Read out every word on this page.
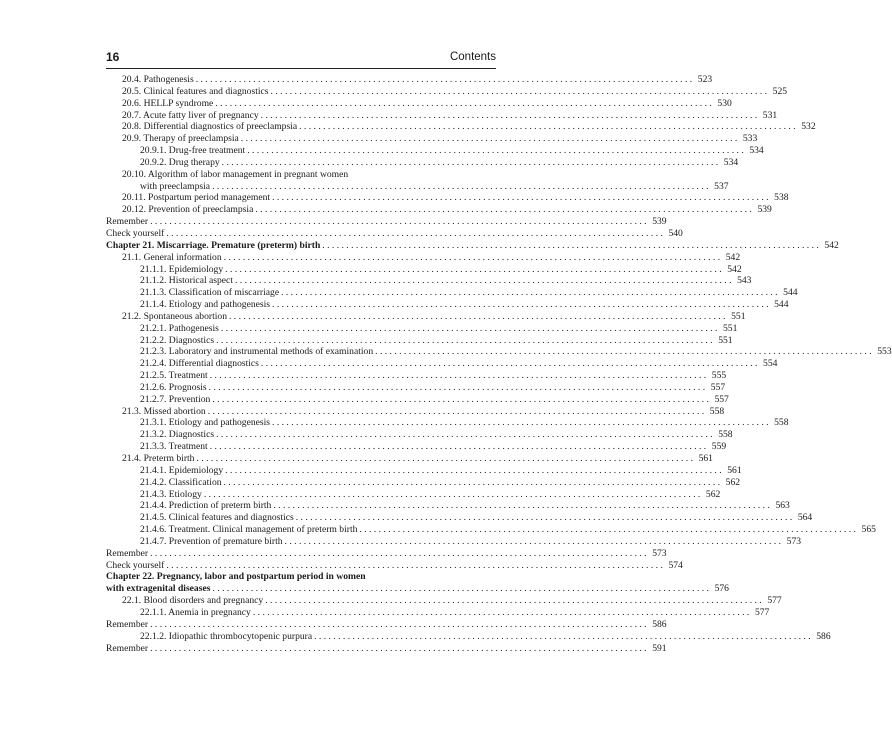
16	Contents
20.4. Pathogenesis . . .	523
20.5. Clinical features and diagnostics . . .	525
20.6. HELLP syndrome . . .	530
20.7. Acute fatty liver of pregnancy . . .	531
20.8. Differential diagnostics of preeclampsia . . .	532
20.9. Therapy of preeclampsia . . .	533
20.9.1. Drug-free treatment . . .	534
20.9.2. Drug therapy . . .	534
20.10. Algorithm of labor management in pregnant women
with preeclampsia . . .	537
20.11. Postpartum period management . . .	538
20.12. Prevention of preeclampsia . . .	539
Remember . . .	539
Check yourself . . .	540
Chapter 21. Miscarriage. Premature (preterm) birth . . .	542
21.1. General information . . .	542
21.1.1. Epidemiology . . .	542
21.1.2. Historical aspect . . .	543
21.1.3. Classification of miscarriage . . .	544
21.1.4. Etiology and pathogenesis . . .	544
21.2. Spontaneous abortion . . .	551
21.2.1. Pathogenesis . . .	551
21.2.2. Diagnostics . . .	551
21.2.3. Laboratory and instrumental methods of examination . . .	553
21.2.4. Differential diagnostics . . .	554
21.2.5. Treatment . . .	555
21.2.6. Prognosis . . .	557
21.2.7. Prevention . . .	557
21.3. Missed abortion . . .	558
21.3.1. Etiology and pathogenesis . . .	558
21.3.2. Diagnostics . . .	558
21.3.3. Treatment . . .	559
21.4. Preterm birth . . .	561
21.4.1. Epidemiology . . .	561
21.4.2. Classification . . .	562
21.4.3. Etiology . . .	562
21.4.4. Prediction of preterm birth . . .	563
21.4.5. Clinical features and diagnostics . . .	564
21.4.6. Treatment. Clinical management of preterm birth . . .	565
21.4.7. Prevention of premature birth . . .	573
Remember . . .	573
Check yourself . . .	574
Chapter 22. Pregnancy, labor and postpartum period in women
with extragenital diseases . . .	576
22.1. Blood disorders and pregnancy . . .	577
22.1.1. Anemia in pregnancy . . .	577
Remember . . .	586
22.1.2. Idiopathic thrombocytopenic purpura . . .	586
Remember . . .	591
